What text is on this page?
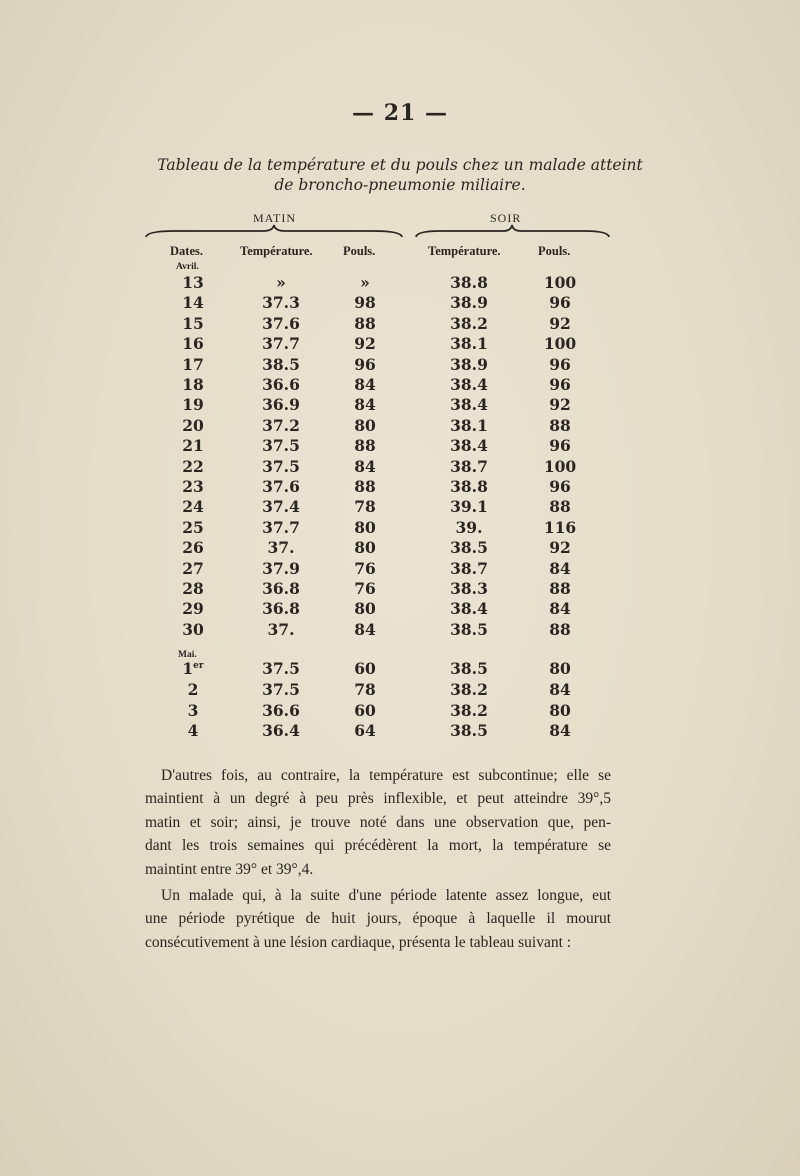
— 21 —
Tableau de la température et du pouls chez un malade atteint
de broncho-pneumonie miliaire.
MATIN	SOIR
Dates.	Température. Pouls.	Température.	Pouls.
Avril.
Mai.
13	»	»	38.8	100
14	37.3	98	38.9	96
15	37.6	88	38.2	92
16	37.7	92	38.1	100
17	38.5	96	38.9	96
18	36.6	84	38.4	96
19	36.9	84	38.4	92
20	37.2	80	38.1	88
21	37.5	88	38.4	96
22	37.5	84	38.7	100
23	37.6	88	38.8	96
24	37.4	78	39.1	88
25	37.7	80	39.	116
26	37.	80	38.5	92
27	37.9	76	38.7	84
28	36.8	76	38.3	88
29	36.8	80	38.4	84
30	37.	84	38.5	88
1er	37.5	60	38.5	80
2	37.5	78	38.2	84
3	36.6	60	38.2	80
4	36.4	64	38.5	84
D'autres fois, au contraire, la température est subcontinue; elle se
maintient à un degré à peu près inflexible, et peut atteindre 39°,5
matin et soir; ainsi, je trouve noté dans une observation que, pen-
dant les trois semaines qui précédèrent la mort, la température se
maintint entre 39° et 39°,4.
Un malade qui, à la suite d'une période latente assez longue, eut
une période pyrétique de huit jours, époque à laquelle il mourut
consécutivement à une lésion cardiaque, présenta le tableau suivant :
